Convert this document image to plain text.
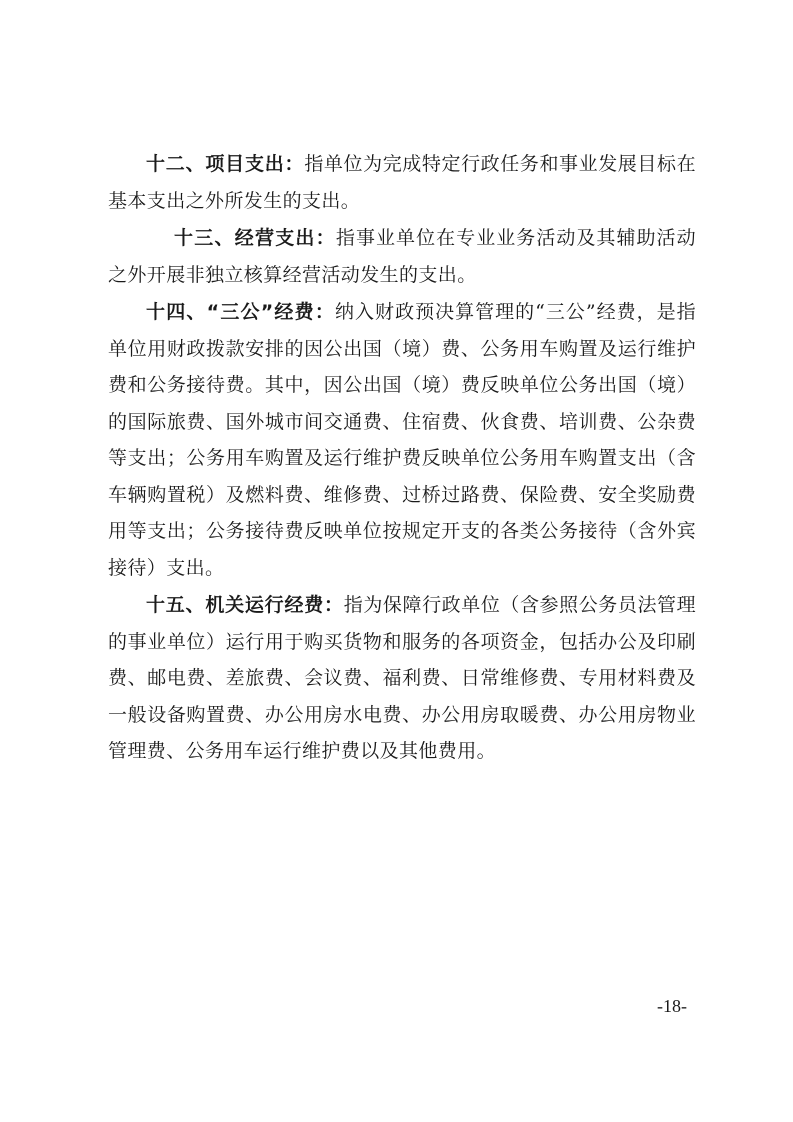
十二、项目支出：指单位为完成特定行政任务和事业发展目标在基本支出之外所发生的支出。

十三、经营支出：指事业单位在专业业务活动及其辅助活动之外开展非独立核算经营活动发生的支出。

十四、“三公”经费：纳入财政预决算管理的“三公”经费，是指单位用财政拨款安排的因公出国（境）费、公务用车购置及运行维护费和公务接待费。其中，因公出国（境）费反映单位公务出国（境）的国际旅费、国外城市间交通费、住宿费、伙食费、培训费、公杂费等支出；公务用车购置及运行维护费反映单位公务用车购置支出（含车辆购置税）及燃料费、维修费、过桥过路费、保险费、安全奖励费用等支出；公务接待费反映单位按规定开支的各类公务接待（含外宾接待）支出。

十五、机关运行经费：指为保障行政单位（含参照公务员法管理的事业单位）运行用于购买货物和服务的各项资金，包括办公及印刷费、邮电费、差旅费、会议费、福利费、日常维修费、专用材料费及一般设备购置费、办公用房水电费、办公用房取暖费、办公用房物业管理费、公务用车运行维护费以及其他费用。

-18-
